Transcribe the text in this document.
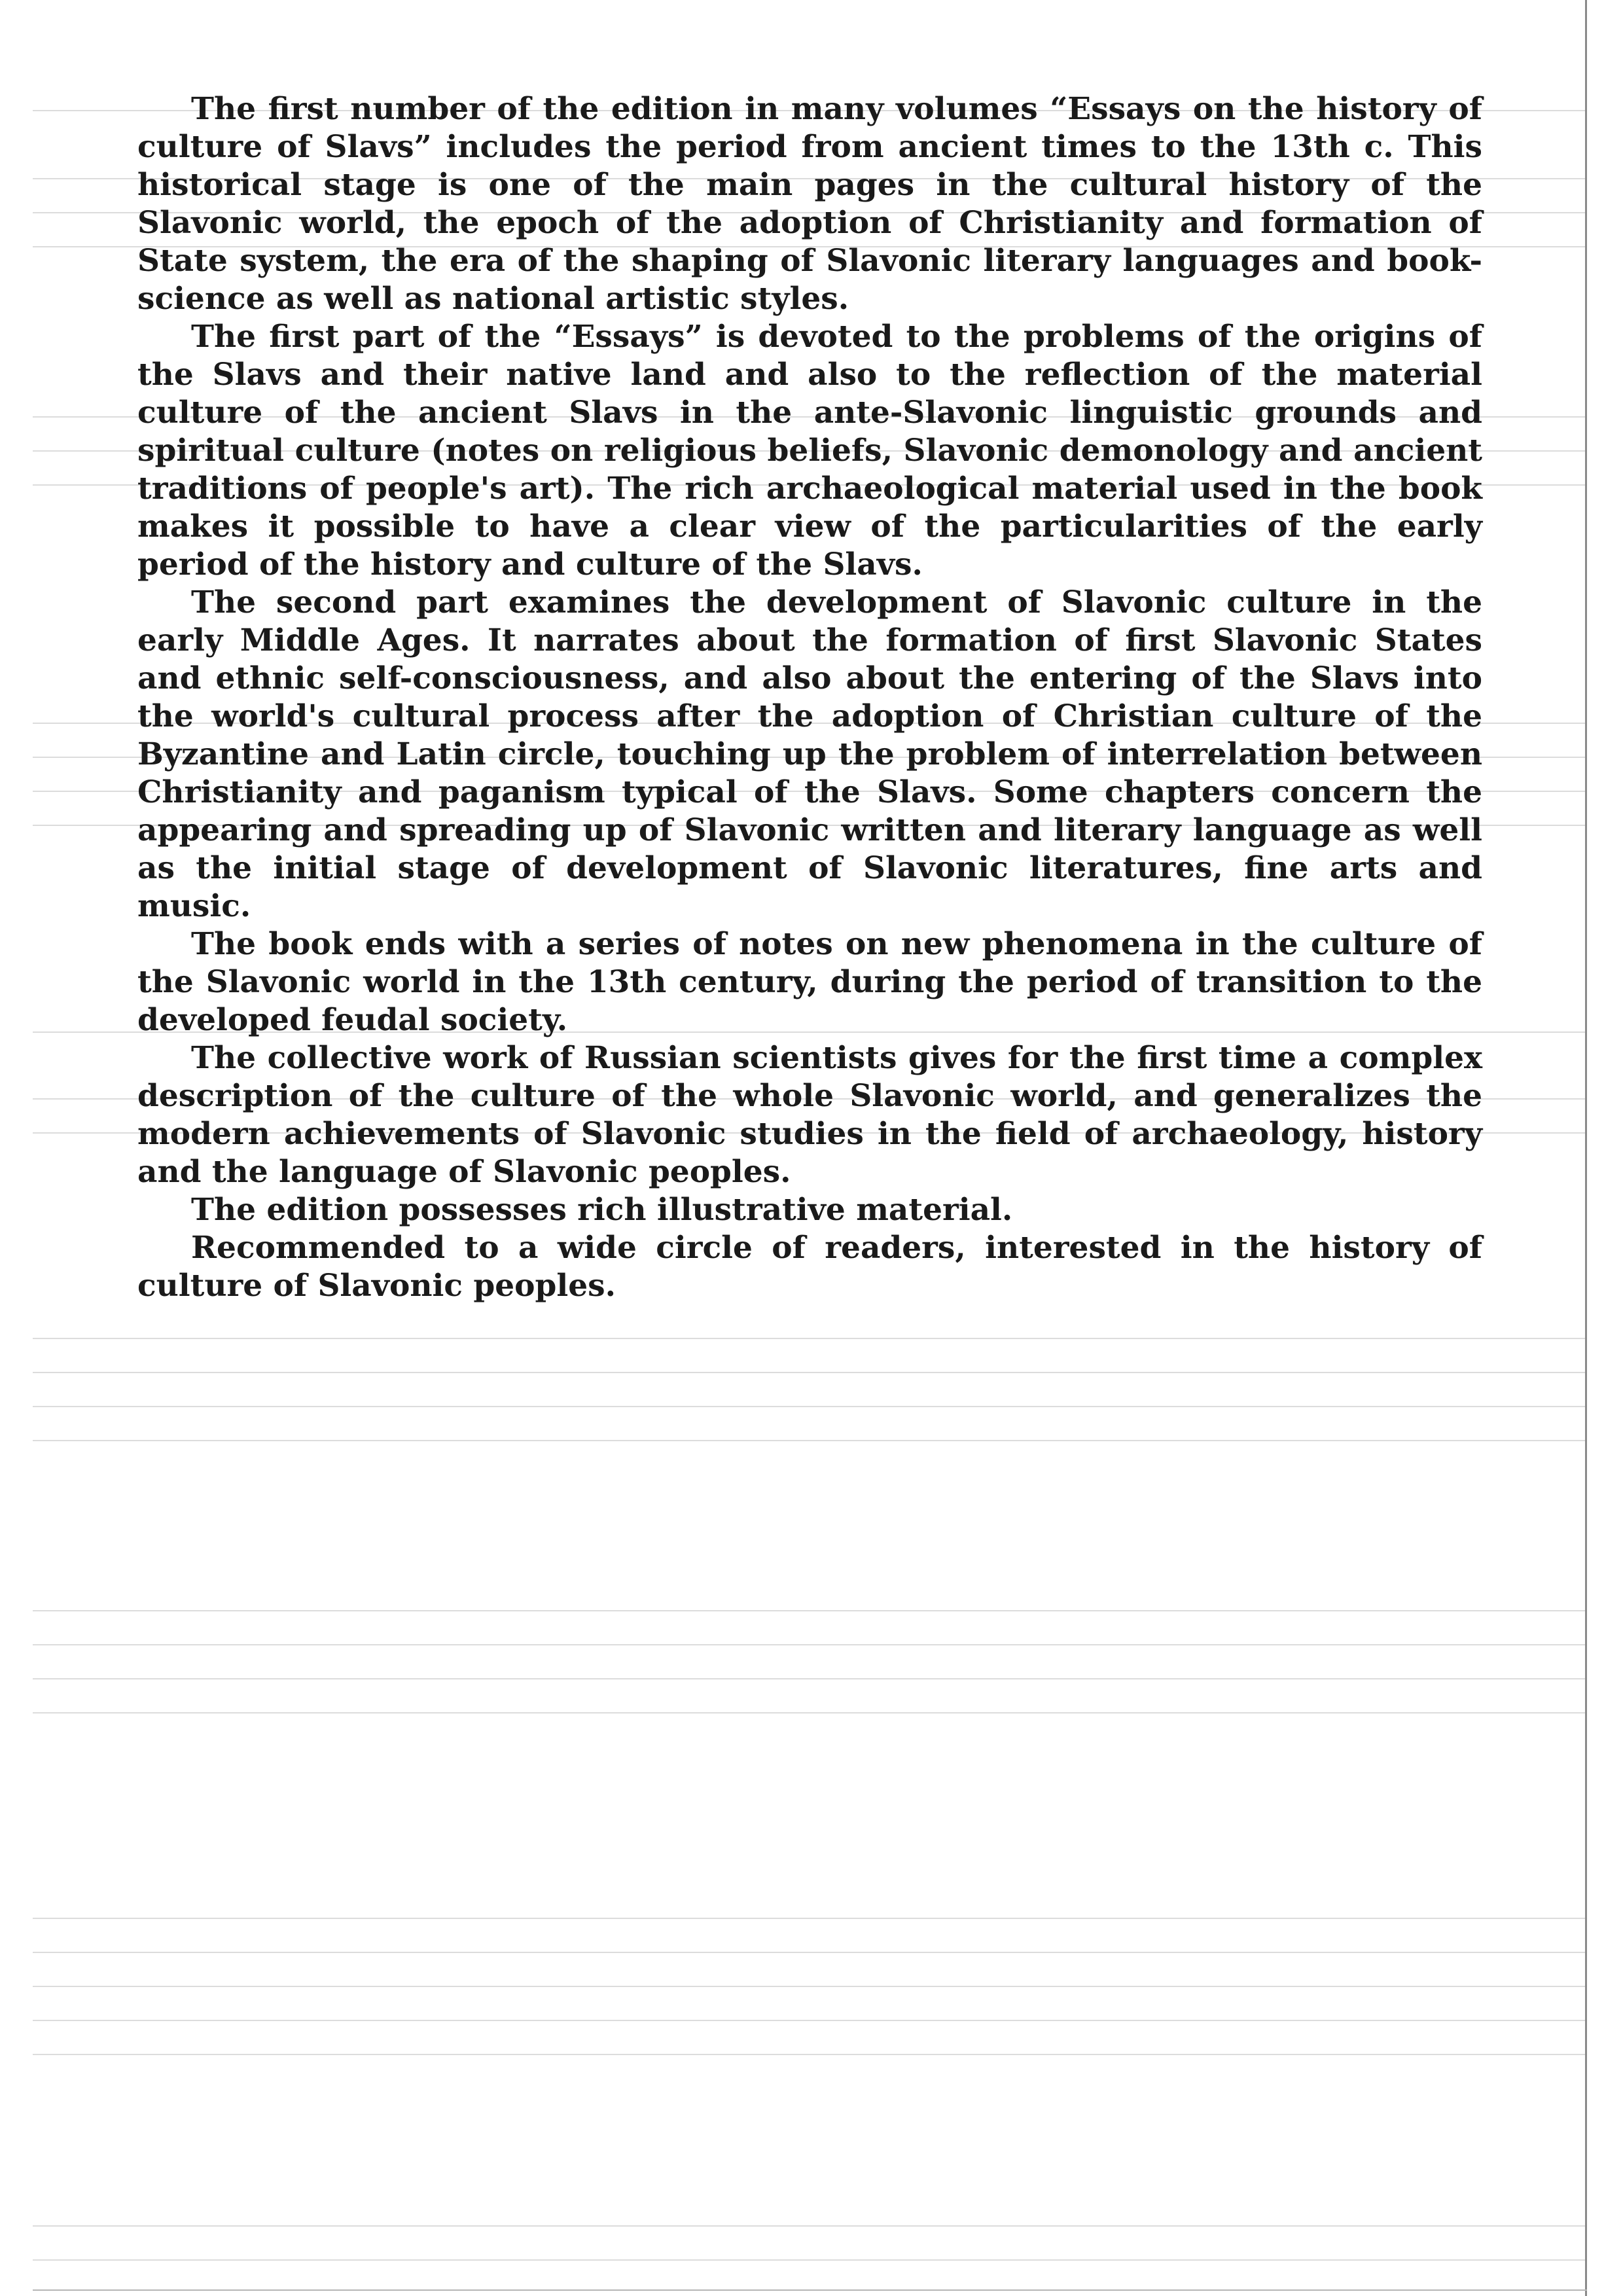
The first number of the edition in many volumes “Essays on the history of culture of Slavs” includes the period from ancient times to the 13th c. This historical stage is one of the main pages in the cultural history of the Slavonic world, the epoch of the adoption of Christianity and formation of State system, the era of the shaping of Slavonic literary languages and book-science as well as national artistic styles.

The first part of the “Essays” is devoted to the problems of the origins of the Slavs and their native land and also to the reflection of the material culture of the ancient Slavs in the ante-Slavonic linguistic grounds and spiritual culture (notes on religious beliefs, Slavonic demonology and ancient traditions of people's art). The rich archaeological material used in the book makes it possible to have a clear view of the particularities of the early period of the history and culture of the Slavs.

The second part examines the development of Slavonic culture in the early Middle Ages. It narrates about the formation of first Slavonic States and ethnic self-consciousness, and also about the entering of the Slavs into the world's cultural process after the adoption of Christian culture of the Byzantine and Latin circle, touching up the problem of interrelation between Christianity and paganism typical of the Slavs. Some chapters concern the appearing and spreading up of Slavonic written and literary language as well as the initial stage of development of Slavonic literatures, fine arts and music.

The book ends with a series of notes on new phenomena in the culture of the Slavonic world in the 13th century, during the period of transition to the developed feudal society.

The collective work of Russian scientists gives for the first time a complex description of the culture of the whole Slavonic world, and generalizes the modern achievements of Slavonic studies in the field of archaeology, history and the language of Slavonic peoples.

The edition possesses rich illustrative material.

Recommended to a wide circle of readers, interested in the history of culture of Slavonic peoples.
